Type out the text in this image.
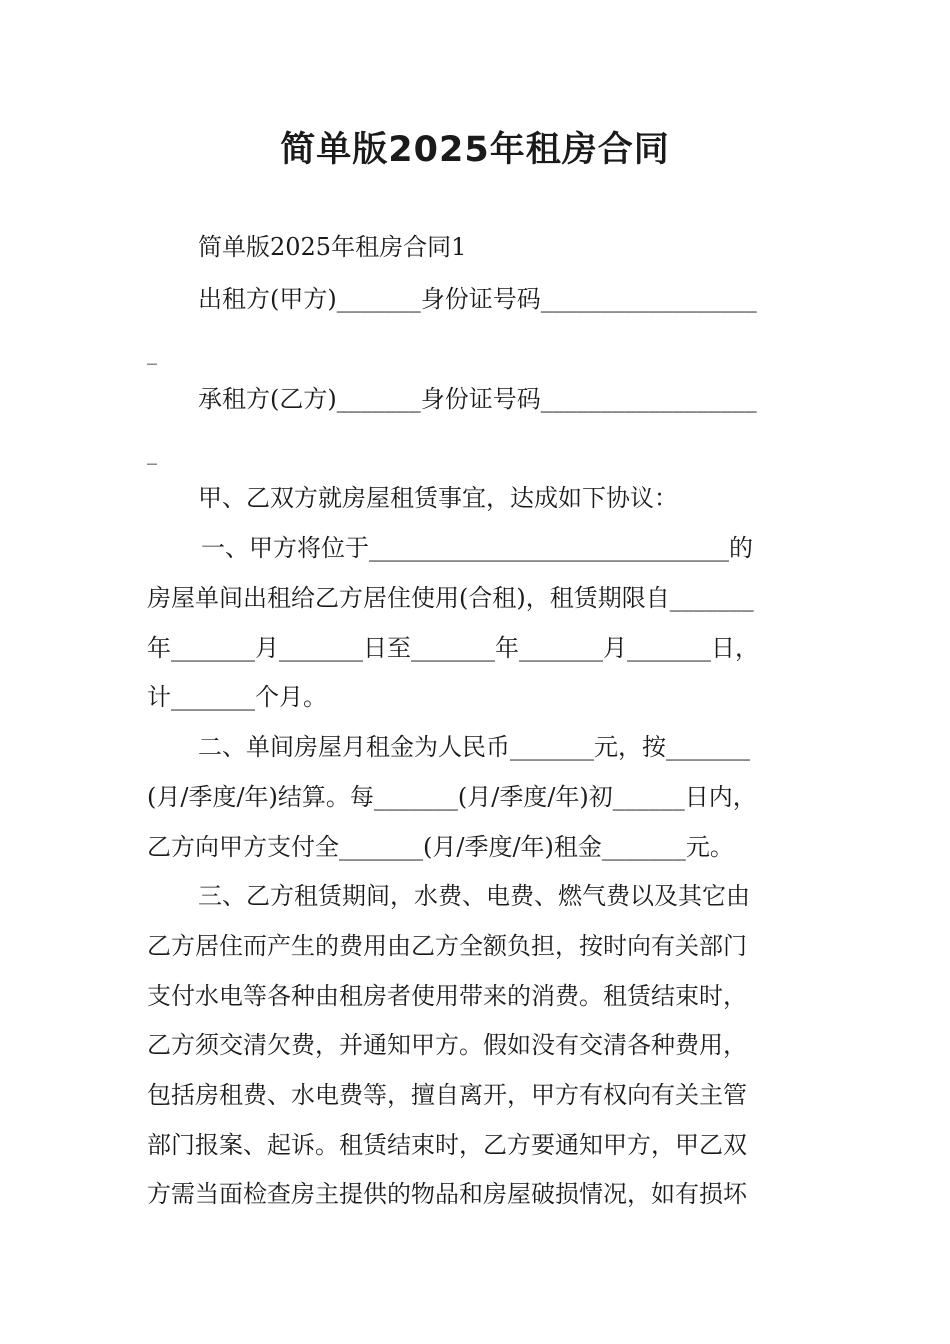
简单版2025年租房合同
简单版2025年租房合同1
出租方(甲方)_______身份证号码__________________
_
承租方(乙方)_______身份证号码__________________
_
甲、乙双方就房屋租赁事宜，达成如下协议：
一、甲方将位于______________________________的
房屋单间出租给乙方居住使用(合租)，租赁期限自_______
年_______月_______日至_______年_______月_______日，
计_______个月。
二、单间房屋月租金为人民币_______元，按_______
(月/季度/年)结算。每_______(月/季度/年)初______日内，
乙方向甲方支付全_______(月/季度/年)租金_______元。
三、乙方租赁期间，水费、电费、燃气费以及其它由
乙方居住而产生的费用由乙方全额负担，按时向有关部门
支付水电等各种由租房者使用带来的消费。租赁结束时，
乙方须交清欠费，并通知甲方。假如没有交清各种费用，
包括房租费、水电费等，擅自离开，甲方有权向有关主管
部门报案、起诉。租赁结束时，乙方要通知甲方，甲乙双
方需当面检查房主提供的物品和房屋破损情况，如有损坏
